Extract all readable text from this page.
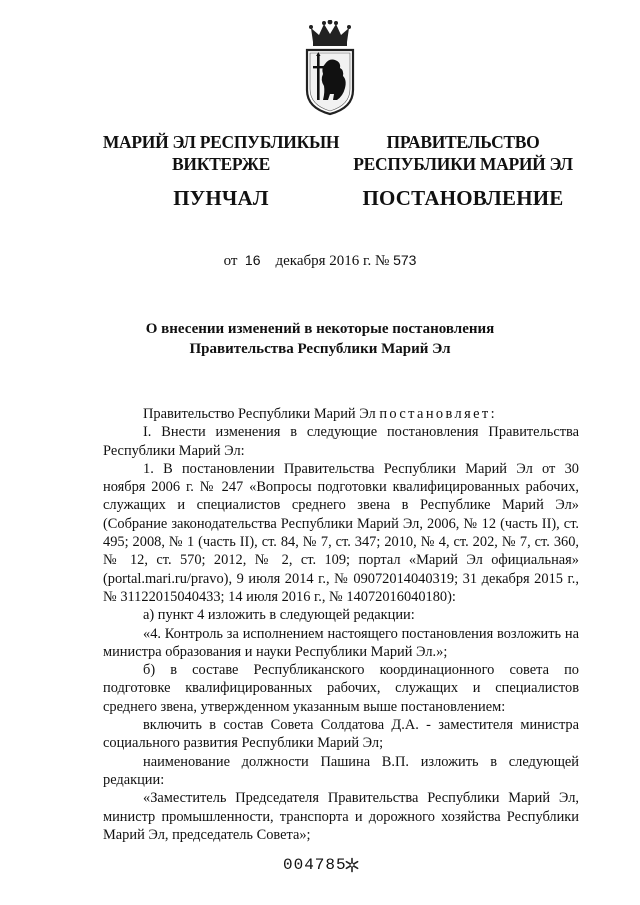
МАРИЙ ЭЛ РЕСПУБЛИКЫН
ВИКТЕРЖЕ
ПУНЧАЛ
ПРАВИТЕЛЬСТВО
РЕСПУБЛИКИ МАРИЙ ЭЛ
ПОСТАНОВЛЕНИЕ
от 16 декабря 2016 г. № 573
О внесении изменений в некоторые постановления
Правительства Республики Марий Эл

Правительство Республики Марий Эл постановляет:

I. Внести изменения в следующие постановления Правительства Республики Марий Эл:

1. В постановлении Правительства Республики Марий Эл от 30 ноября 2006 г. № 247 «Вопросы подготовки квалифицированных рабочих, служащих и специалистов среднего звена в Республике Марий Эл» (Собрание законодательства Республики Марий Эл, 2006, № 12 (часть II), ст. 495; 2008, № 1 (часть II), ст. 84, № 7, ст. 347; 2010, № 4, ст. 202, № 7, ст. 360, № 12, ст. 570; 2012, № 2, ст. 109; портал «Марий Эл официальная» (portal.mari.ru/pravo), 9 июля 2014 г., № 09072014040319; 31 декабря 2015 г., № 31122015040433; 14 июля 2016 г., № 14072016040180):

а) пункт 4 изложить в следующей редакции:

«4. Контроль за исполнением настоящего постановления возложить на министра образования и науки Республики Марий Эл.»;

б) в составе Республиканского координационного совета по подготовке квалифицированных рабочих, служащих и специалистов среднего звена, утвержденном указанным выше постановлением:

включить в состав Совета Солдатова Д.А. - заместителя министра социального развития Республики Марий Эл;

наименование должности Пашина В.П. изложить в следующей редакции:

«Заместитель Председателя Правительства Республики Марий Эл, министр промышленности, транспорта и дорожного хозяйства Республики Марий Эл, председатель Совета»;

004785
